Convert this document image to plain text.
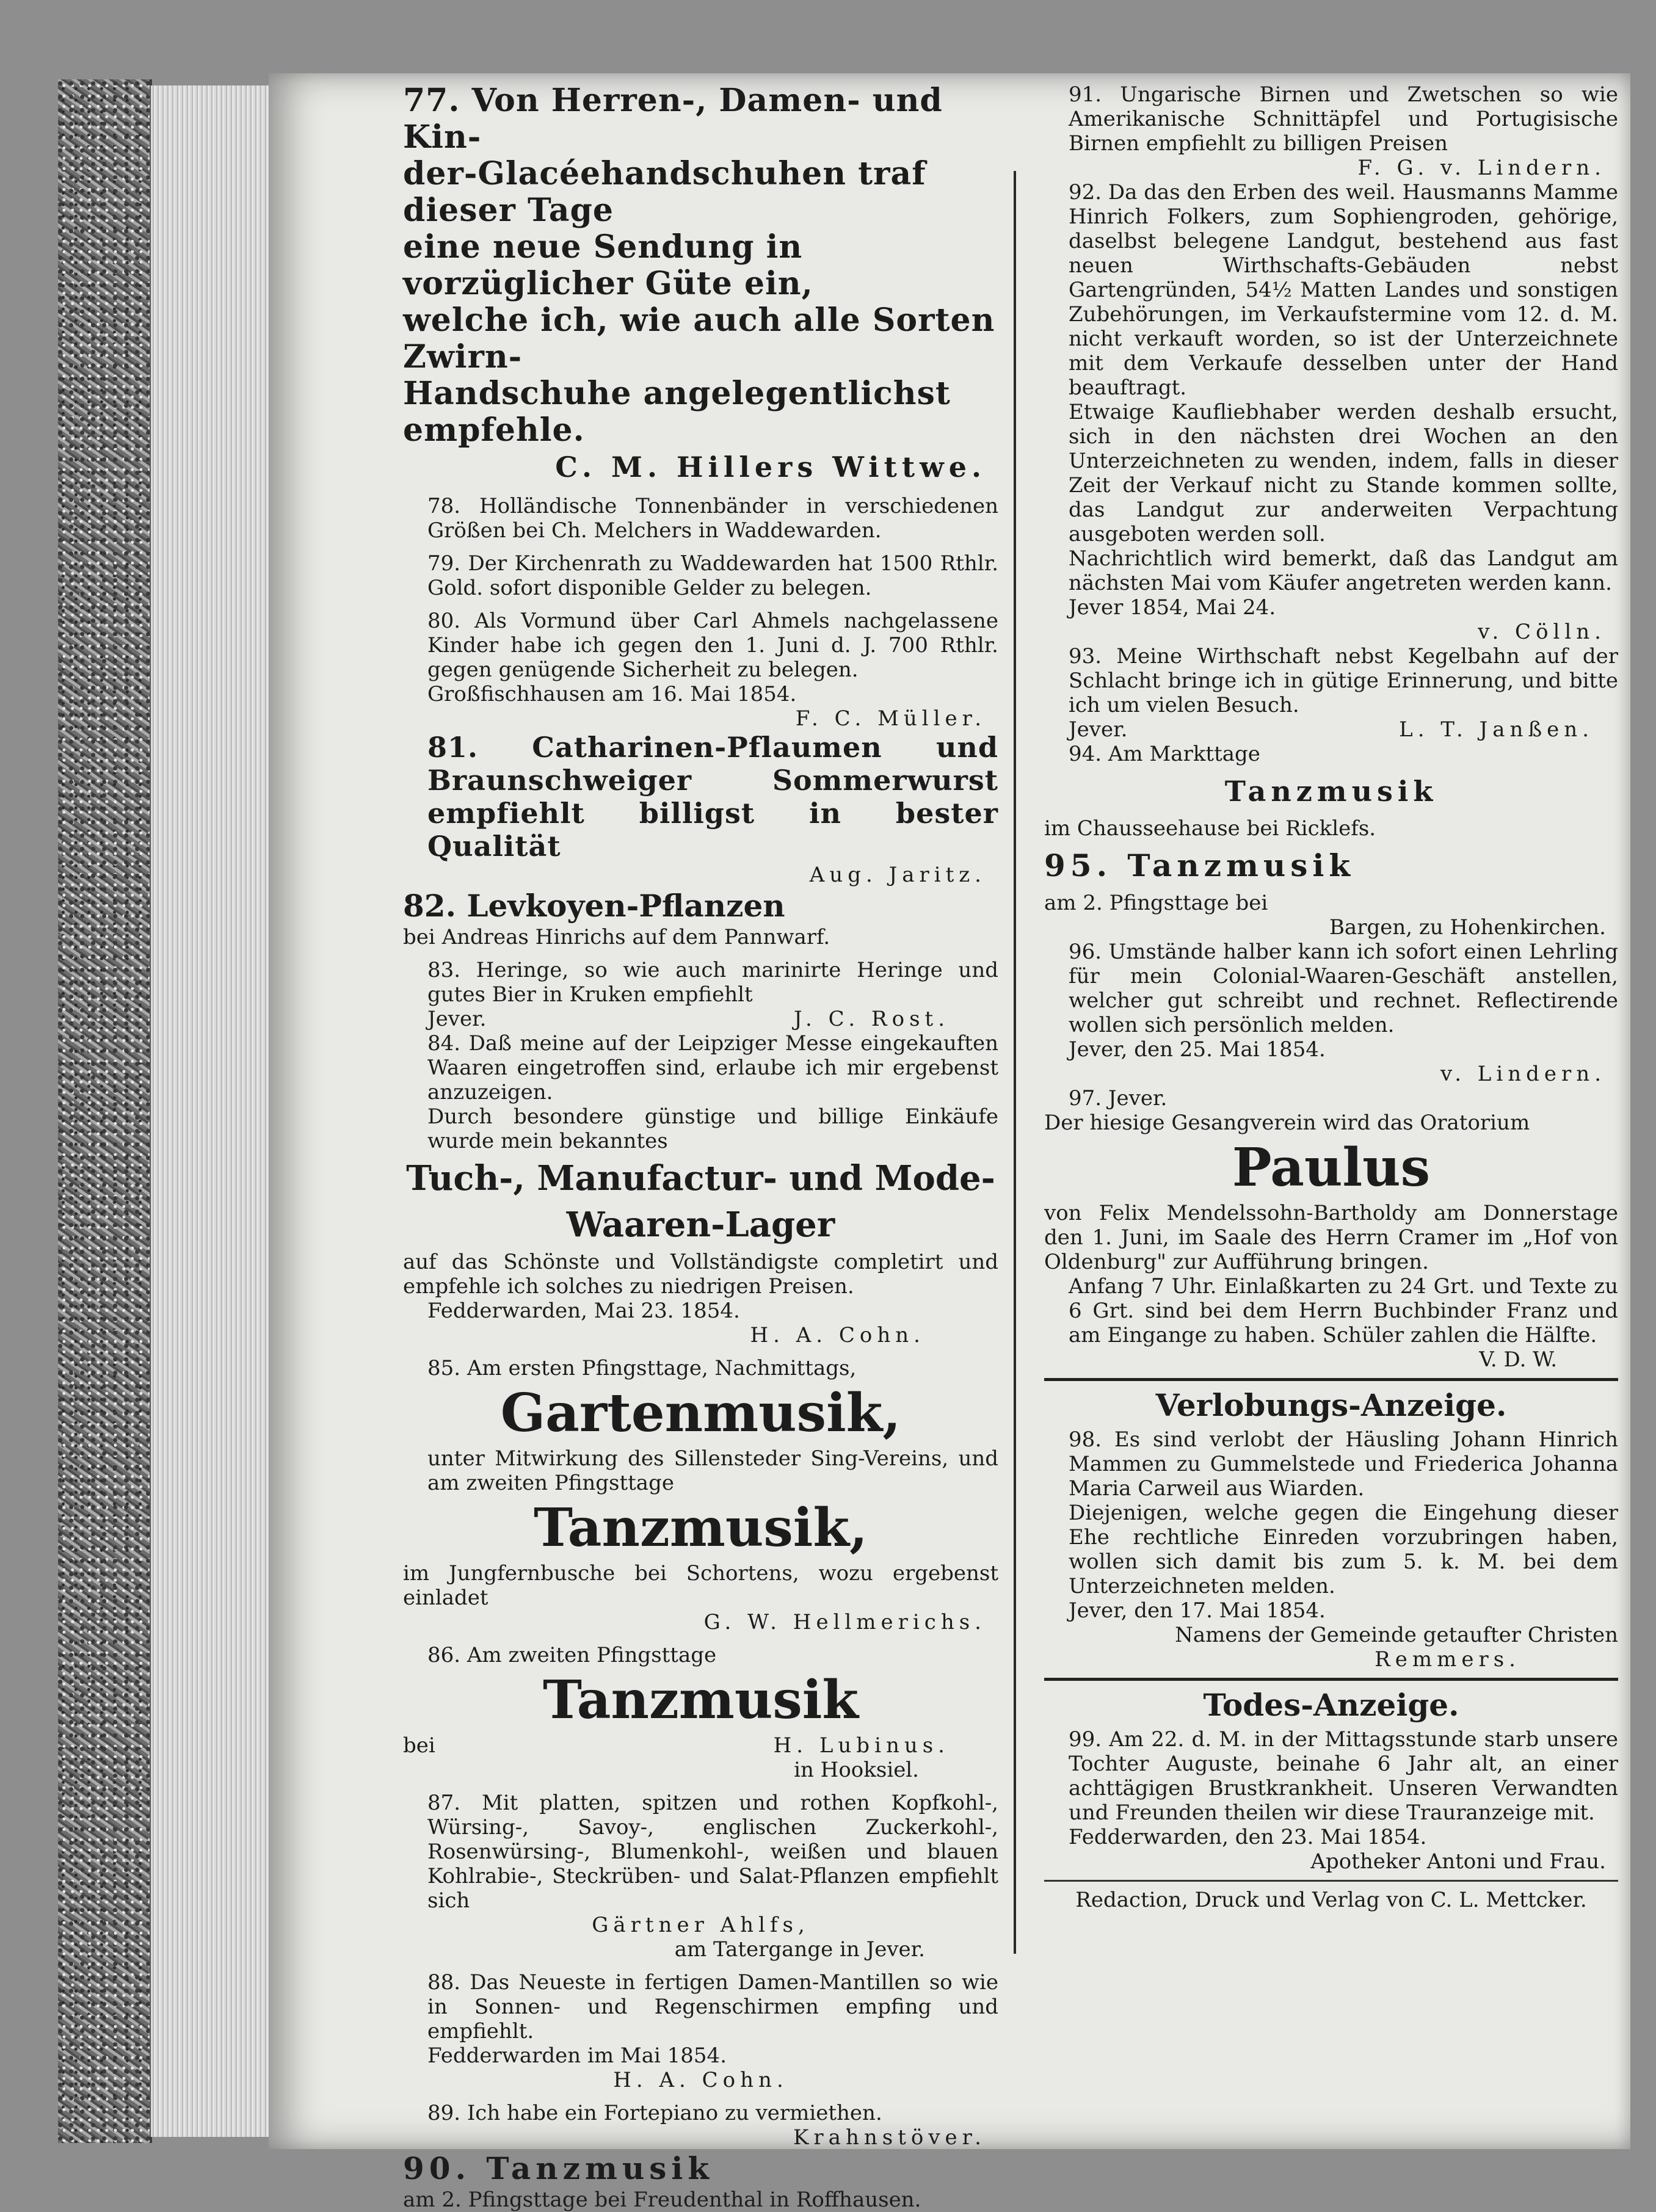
77. Von Herren-, Damen- und Kin-
der-Glacéehandschuhen traf dieser Tage
eine neue Sendung in vorzüglicher Güte ein,
welche ich, wie auch alle Sorten Zwirn-
Handschuhe angelegentlichst empfehle.
C. M. Hillers Wittwe.

78. Holländische Tonnenbänder in verschiedenen Größen bei Ch. Melchers in Waddewarden.

79. Der Kirchenrath zu Waddewarden hat 1500 Rthlr. Gold. sofort disponible Gelder zu belegen.

80. Als Vormund über Carl Ahmels nachgelassene Kinder habe ich gegen den 1. Juni d. J. 700 Rthlr. gegen genügende Sicherheit zu belegen.

Großfischhausen am 16. Mai 1854.

F. C. Müller.

81. Catharinen-Pflaumen und Braunschweiger Sommerwurst empfiehlt billigst in bester Qualität

Aug. Jaritz.
82. Levkoyen-Pflanzen

bei Andreas Hinrichs auf dem Pannwarf.

83. Heringe, so wie auch marinirte Heringe und gutes Bier in Kruken empfiehlt

Jever.	J. C. Rost.

84. Daß meine auf der Leipziger Messe eingekauften Waaren eingetroffen sind, erlaube ich mir ergebenst anzuzeigen.

Durch besondere günstige und billige Einkäufe wurde mein bekanntes

Tuch-, Manufactur- und Mode-
Waaren-Lager

auf das Schönste und Vollständigste completirt und empfehle ich solches zu niedrigen Preisen.

Fedderwarden, Mai 23. 1854.

H. A. Cohn.

85. Am ersten Pfingsttage, Nachmittags,

Gartenmusik,

unter Mitwirkung des Sillensteder Sing-Vereins, und am zweiten Pfingsttage

Tanzmusik,

im Jungfernbusche bei Schortens, wozu ergebenst einladet

G. W. Hellmerichs.

86. Am zweiten Pfingsttage

Tanzmusik
bei	H. Lubinus.
in Hooksiel.

87. Mit platten, spitzen und rothen Kopfkohl-, Würsing-, Savoy-, englischen Zuckerkohl-, Rosenwürsing-, Blumenkohl-, weißen und blauen Kohlrabie-, Steckrüben- und Salat-Pflanzen empfiehlt sich

Gärtner Ahlfs,
am Tatergange in Jever.

88. Das Neueste in fertigen Damen-Mantillen so wie in Sonnen- und Regenschirmen empfing und empfiehlt.

Fedderwarden im Mai 1854.

H. A. Cohn.

89. Ich habe ein Fortepiano zu vermiethen.

Krahnstöver.
90. Tanzmusik

am 2. Pfingsttage bei Freudenthal in Roffhausen.

91. Ungarische Birnen und Zwetschen so wie Amerikanische Schnittäpfel und Portugisische Birnen empfiehlt zu billigen Preisen

F. G. v. Lindern.

92. Da das den Erben des weil. Hausmanns Mamme Hinrich Folkers, zum Sophiengroden, gehörige, daselbst belegene Landgut, bestehend aus fast neuen Wirthschafts-Gebäuden nebst Gartengründen, 54½ Matten Landes und sonstigen Zubehörungen, im Verkaufstermine vom 12. d. M. nicht verkauft worden, so ist der Unterzeichnete mit dem Verkaufe desselben unter der Hand beauftragt.

Etwaige Kaufliebhaber werden deshalb ersucht, sich in den nächsten drei Wochen an den Unterzeichneten zu wenden, indem, falls in dieser Zeit der Verkauf nicht zu Stande kommen sollte, das Landgut zur anderweiten Verpachtung ausgeboten werden soll.

Nachrichtlich wird bemerkt, daß das Landgut am nächsten Mai vom Käufer angetreten werden kann.

Jever 1854, Mai 24.

v. Cölln.

93. Meine Wirthschaft nebst Kegelbahn auf der Schlacht bringe ich in gütige Erinnerung, und bitte ich um vielen Besuch.

Jever.	L. T. Janßen.

94. Am Markttage

Tanzmusik

im Chausseehause bei Ricklefs.

95. Tanzmusik

am 2. Pfingsttage bei

Bargen, zu Hohenkirchen.

96. Umstände halber kann ich sofort einen Lehrling für mein Colonial-Waaren-Geschäft anstellen, welcher gut schreibt und rechnet. Reflectirende wollen sich persönlich melden.

Jever, den 25. Mai 1854.

v. Lindern.

97. Jever.

Der hiesige Gesangverein wird das Oratorium

Paulus

von Felix Mendelssohn-Bartholdy am Donnerstage den 1. Juni, im Saale des Herrn Cramer im „Hof von Oldenburg" zur Aufführung bringen.

Anfang 7 Uhr. Einlaßkarten zu 24 Grt. und Texte zu 6 Grt. sind bei dem Herrn Buchbinder Franz und am Eingange zu haben. Schüler zahlen die Hälfte.

V. D. W.
Verlobungs-Anzeige.

98. Es sind verlobt der Häusling Johann Hinrich Mammen zu Gummelstede und Friederica Johanna Maria Carweil aus Wiarden.

Diejenigen, welche gegen die Eingehung dieser Ehe rechtliche Einreden vorzubringen haben, wollen sich damit bis zum 5. k. M. bei dem Unterzeichneten melden.

Jever, den 17. Mai 1854.

Namens der Gemeinde getaufter Christen
Remmers.
Todes-Anzeige.

99. Am 22. d. M. in der Mittagsstunde starb unsere Tochter Auguste, beinahe 6 Jahr alt, an einer achttägigen Brustkrankheit. Unseren Verwandten und Freunden theilen wir diese Trauranzeige mit.

Fedderwarden, den 23. Mai 1854.

Apotheker Antoni und Frau.
Redaction, Druck und Verlag von C. L. Mettcker.
